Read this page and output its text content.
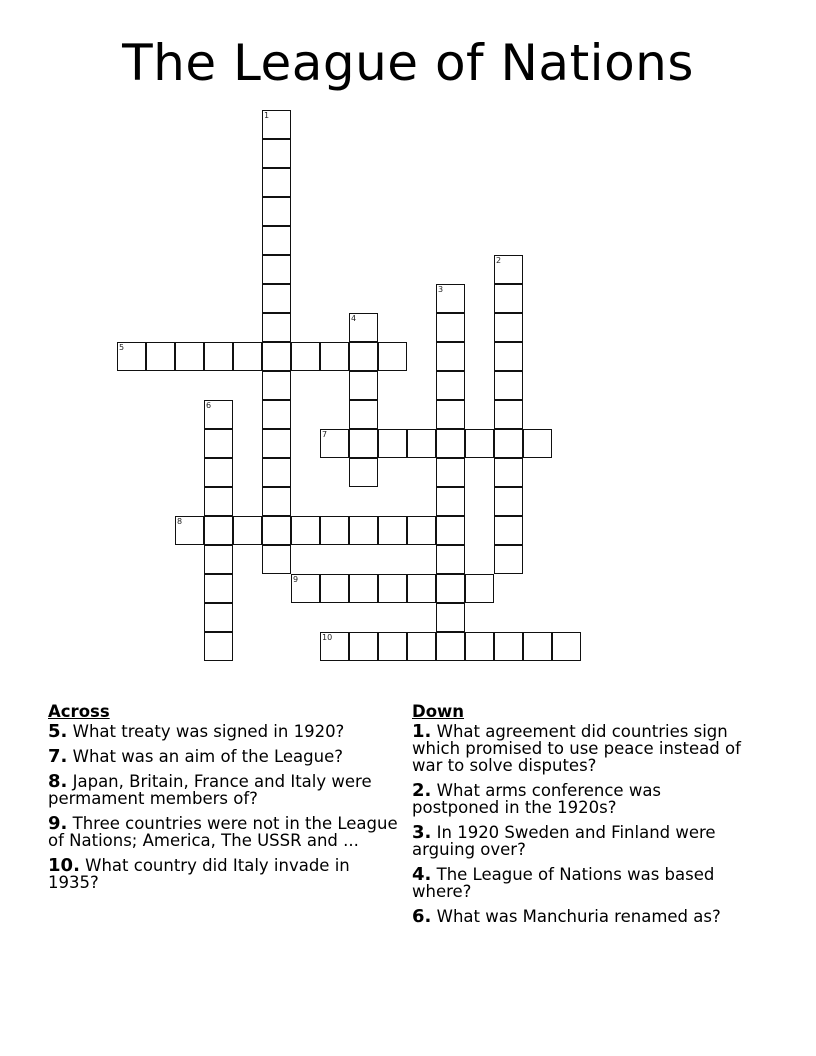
The League of Nations
1
2
3
4
5
6
7
8
9
10
Across
5. What treaty was signed in 1920?
7. What was an aim of the League?
8. Japan, Britain, France and Italy were permament members of?
9. Three countries were not in the League of Nations; America, The USSR and ...
10. What country did Italy invade in 1935?
Down
1. What agreement did countries sign which promised to use peace instead of war to solve disputes?
2. What arms conference was postponed in the 1920s?
3. In 1920 Sweden and Finland were arguing over?
4. The League of Nations was based where?
6. What was Manchuria renamed as?
